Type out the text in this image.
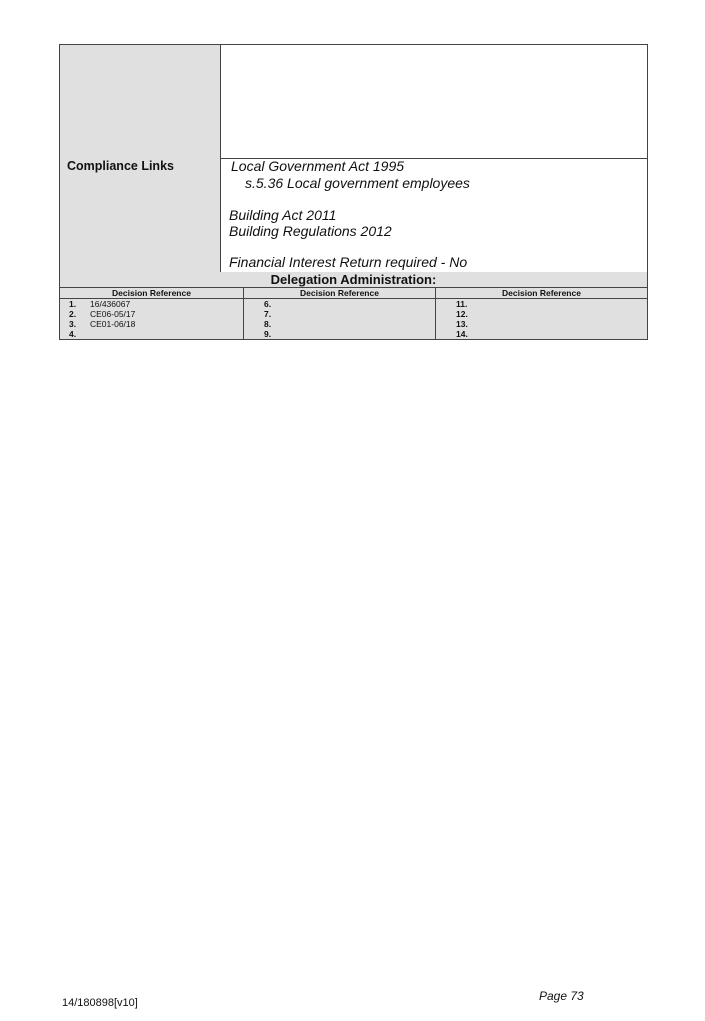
Compliance Links	Local Government Act 1995
s.5.36 Local government employees
Building Act 2011
Building Regulations 2012
Financial Interest Return required - No
Delegation Administration:
Decision Reference
1. 16/436067
2. CE06-05/17
3. CE01-06/18
4.
Decision Reference
6.
7.
8.
9.
Decision Reference
11.
12.
13.
14.
14/180898[v10]	Page 73
